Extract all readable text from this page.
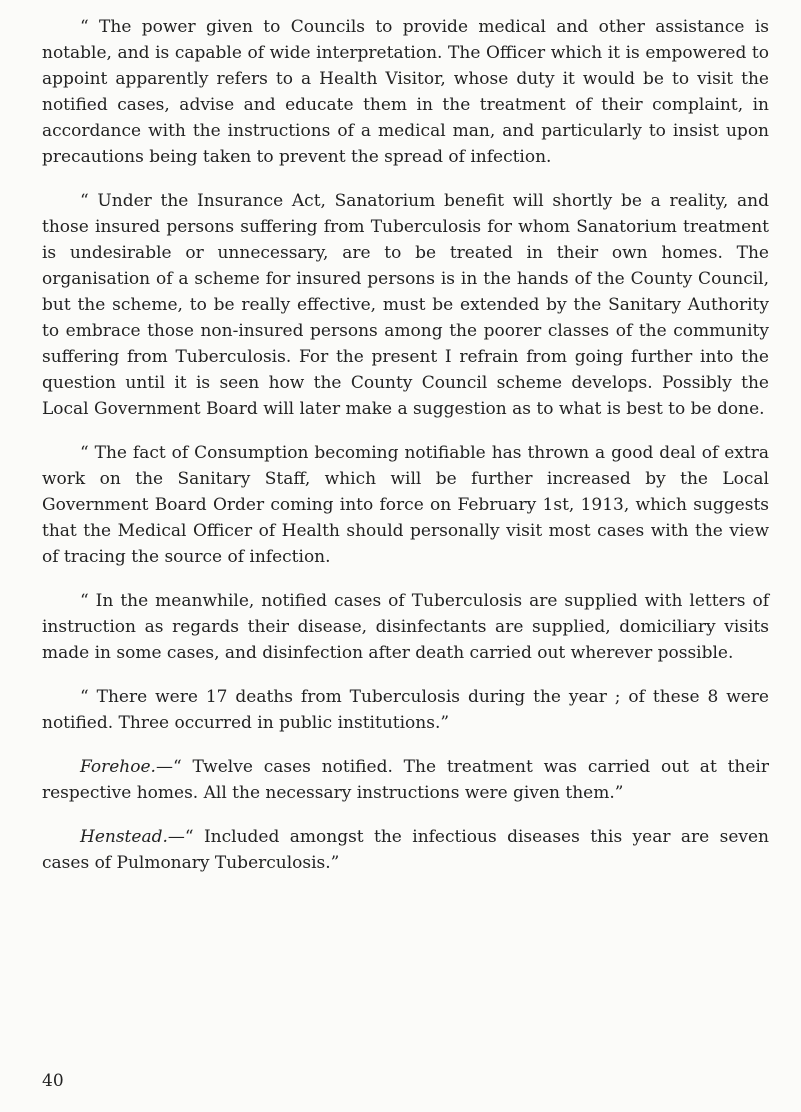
“ The power given to Councils to provide medical and other assistance is notable, and is capable of wide interpretation. The Officer which it is empowered to appoint apparently refers to a Health Visitor, whose duty it would be to visit the notified cases, advise and educate them in the treatment of their complaint, in accordance with the instructions of a medical man, and particularly to insist upon precautions being taken to prevent the spread of infection.

“ Under the Insurance Act, Sanatorium benefit will shortly be a reality, and those insured persons suffering from Tuberculosis for whom Sanatorium treatment is undesirable or unnecessary, are to be treated in their own homes. The organisation of a scheme for insured persons is in the hands of the County Council, but the scheme, to be really effective, must be extended by the Sanitary Authority to embrace those non-insured persons among the poorer classes of the community suffering from Tuberculosis. For the present I refrain from going further into the question until it is seen how the County Council scheme develops. Possibly the Local Government Board will later make a suggestion as to what is best to be done.

“ The fact of Consumption becoming notifiable has thrown a good deal of extra work on the Sanitary Staff, which will be further increased by the Local Government Board Order coming into force on February 1st, 1913, which suggests that the Medical Officer of Health should personally visit most cases with the view of tracing the source of infection.

“ In the meanwhile, notified cases of Tuberculosis are supplied with letters of instruction as regards their disease, disinfectants are supplied, domiciliary visits made in some cases, and disinfection after death carried out wherever possible.

“ There were 17 deaths from Tuberculosis during the year ; of these 8 were notified. Three occurred in public institutions.”

Forehoe.—“ Twelve cases notified. The treatment was carried out at their respective homes. All the necessary instructions were given them.”

Henstead.—“ Included amongst the infectious diseases this year are seven cases of Pulmonary Tuberculosis.”

40
